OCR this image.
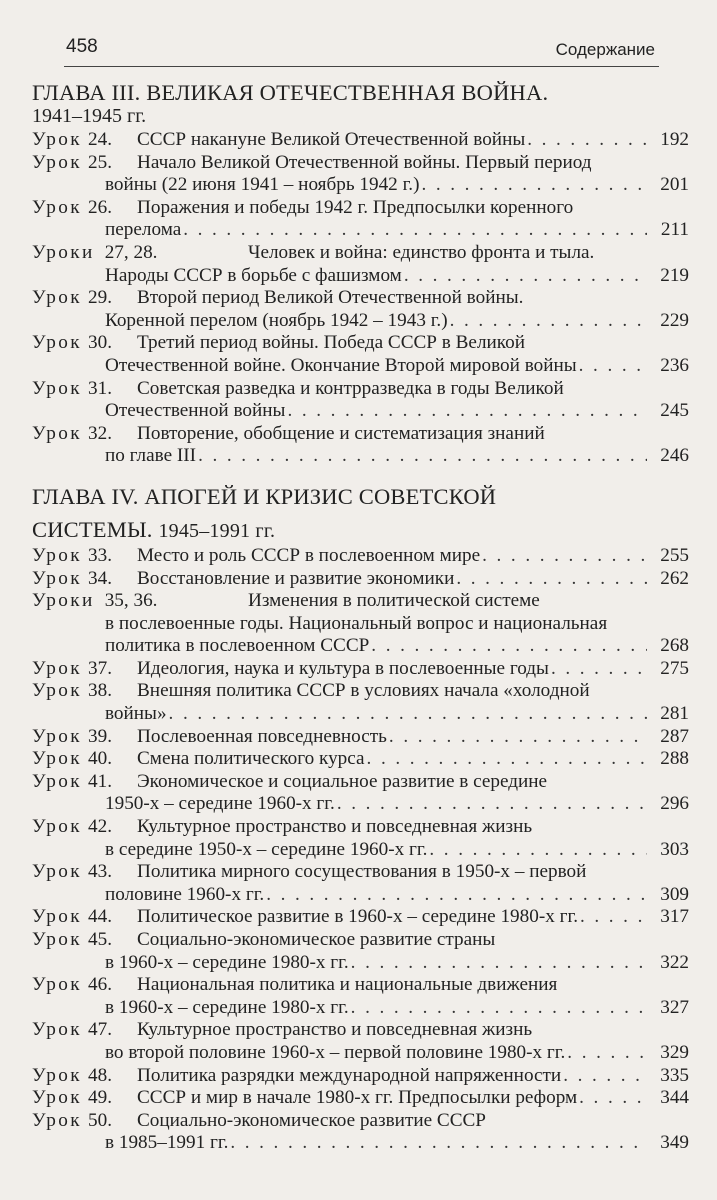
458	Содержание
ГЛАВА III. ВЕЛИКАЯ ОТЕЧЕСТВЕННАЯ ВОЙНА.
1941–1945 гг.
Урок 24.	СССР накануне Великой Отечественной войны . . .	192
Урок 25.	Начало Великой Отечественной войны. Первый период
войны (22 июня 1941 – ноябрь 1942 г.) . . .	201
Урок 26.	Поражения и победы 1942 г. Предпосылки коренного
перелома . . .	211
Уроки 27, 28.	Человек и война: единство фронта и тыла.
Народы СССР в борьбе с фашизмом . . .	219
Урок 29.	Второй период Великой Отечественной войны.
Коренной перелом (ноябрь 1942 – 1943 г.) . . .	229
Урок 30.	Третий период войны. Победа СССР в Великой
Отечественной войне. Окончание Второй мировой войны . . .	236
Урок 31.	Советская разведка и контрразведка в годы Великой
Отечественной войны . . .	245
Урок 32.	Повторение, обобщение и систематизация знаний
по главе III . . .	246
ГЛАВА IV. АПОГЕЙ И КРИЗИС СОВЕТСКОЙ
СИСТЕМЫ. 1945–1991 гг.
Урок 33.	Место и роль СССР в послевоенном мире . . .	255
Урок 34.	Восстановление и развитие экономики . . .	262
Уроки 35, 36.	Изменения в политической системе
в послевоенные годы. Национальный вопрос и национальная
политика в послевоенном СССР . . .	268
Урок 37.	Идеология, наука и культура в послевоенные годы . . .	275
Урок 38.	Внешняя политика СССР в условиях начала «холодной
войны» . . .	281
Урок 39.	Послевоенная повседневность . . .	287
Урок 40.	Смена политического курса . . .	288
Урок 41.	Экономическое и социальное развитие в середине
1950-х – середине 1960-х гг. . . .	296
Урок 42.	Культурное пространство и повседневная жизнь
в середине 1950-х – середине 1960-х гг. . . .	303
Урок 43.	Политика мирного сосуществования в 1950-х – первой
половине 1960-х гг. . . .	309
Урок 44.	Политическое развитие в 1960-х – середине 1980-х гг. . . .	317
Урок 45.	Социально-экономическое развитие страны
в 1960-х – середине 1980-х гг. . . .	322
Урок 46.	Национальная политика и национальные движения
в 1960-х – середине 1980-х гг. . . .	327
Урок 47.	Культурное пространство и повседневная жизнь
во второй половине 1960-х – первой половине 1980-х гг. . . .	329
Урок 48.	Политика разрядки международной напряженности . . .	335
Урок 49.	СССР и мир в начале 1980-х гг. Предпосылки реформ . . .	344
Урок 50.	Социально-экономическое развитие СССР
в 1985–1991 гг. . . .	349
